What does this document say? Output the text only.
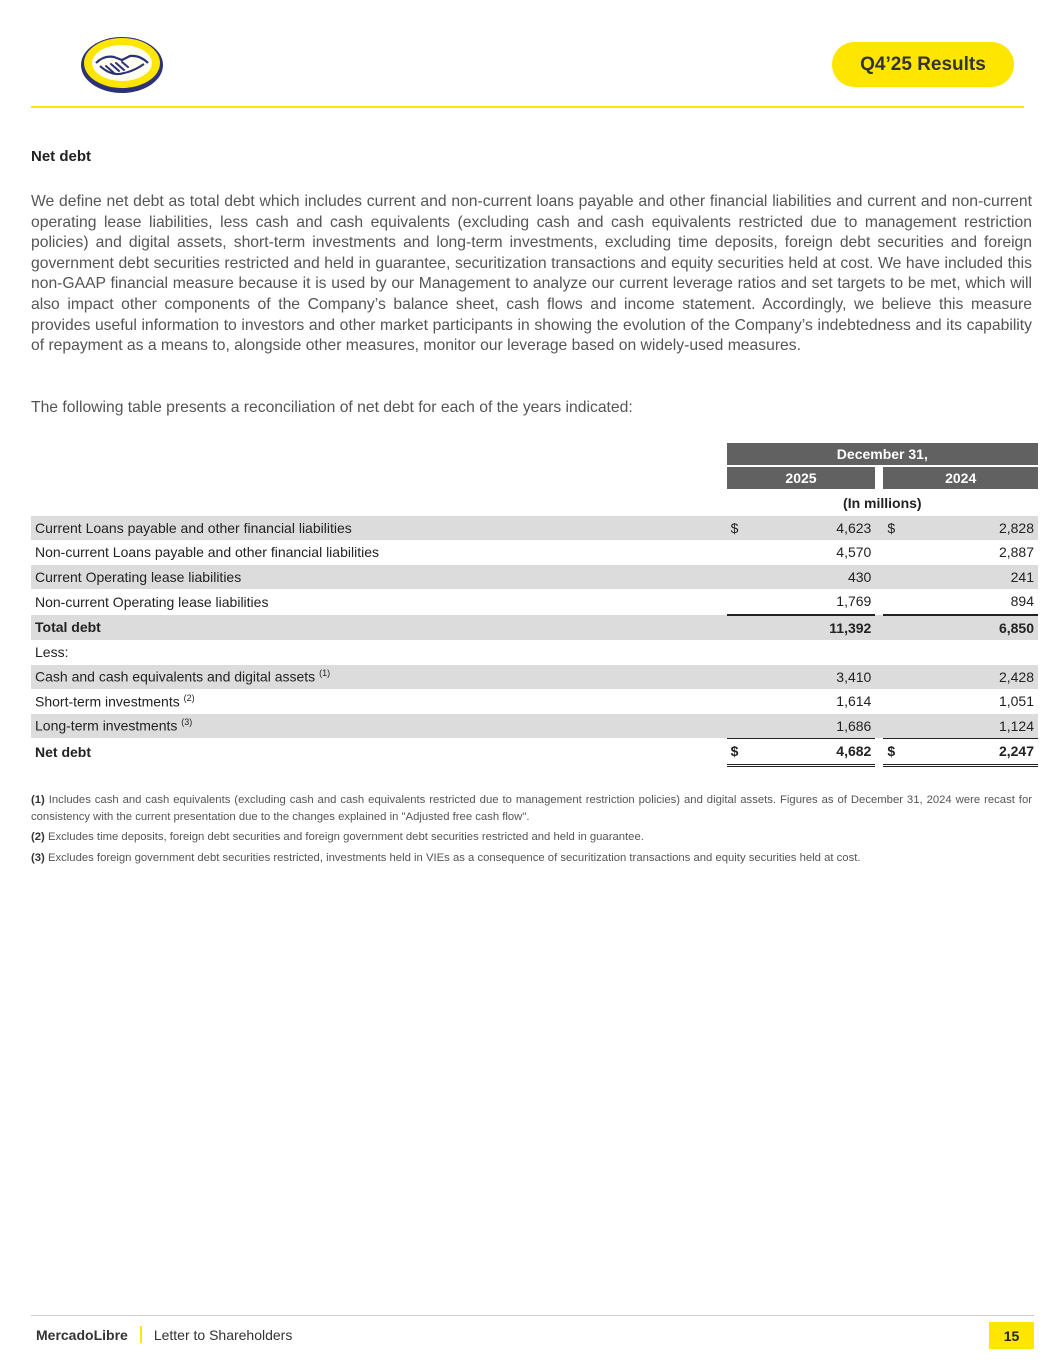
Q4’25 Results
Net debt

We define net debt as total debt which includes current and non-current loans payable and other financial liabilities and current and non-current operating lease liabilities, less cash and cash equivalents (excluding cash and cash equivalents restricted due to management restriction policies) and digital assets, short-term investments and long-term investments, excluding time deposits, foreign debt securities and foreign government debt securities restricted and held in guarantee, securitization transactions and equity securities held at cost. We have included this non-GAAP financial measure because it is used by our Management to analyze our current leverage ratios and set targets to be met, which will also impact other components of the Company’s balance sheet, cash flows and income statement. Accordingly, we believe this measure provides useful information to investors and other market participants in showing the evolution of the Company’s indebtedness and its capability of repayment as a means to, alongside other measures, monitor our leverage based on widely-used measures.

The following table presents a reconciliation of net debt for each of the years indicated:

	December 31,				
	2025			2024	
	(In millions)				
Current Loans payable and other financial liabilities	$	4,623		$	2,828
Non-current Loans payable and other financial liabilities		4,570			2,887
Current Operating lease liabilities		430			241
Non-current Operating lease liabilities		1,769			894
Total debt		11,392			6,850
Less:					
Cash and cash equivalents and digital assets $^{(1)}$		3,410			2,428
Short-term investments $^{(2)}$		1,614			1,051
Long-term investments $^{(3)}$		1,686			1,124
Net debt	$	4,682		$	2,247

(1) Includes cash and cash equivalents (excluding cash and cash equivalents restricted due to management restriction policies) and digital assets. Figures as of December 31, 2024 were recast for consistency with the current presentation due to the changes explained in "Adjusted free cash flow".

(2) Excludes time deposits, foreign debt securities and foreign government debt securities restricted and held in guarantee.

(3) Excludes foreign government debt securities restricted, investments held in VIEs as a consequence of securitization transactions and equity securities held at cost.

MercadoLibre Letter to Shareholders	15
